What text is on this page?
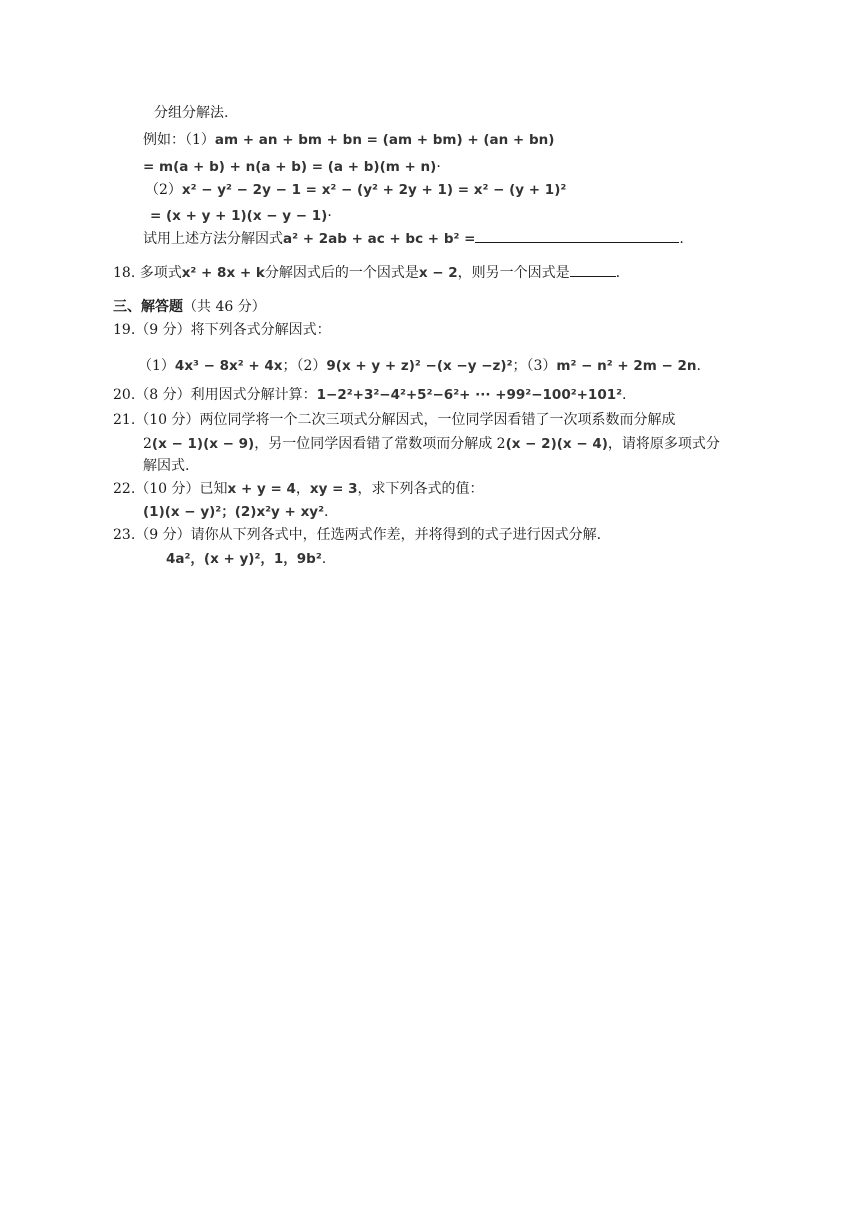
分组分解法.
例如：（1）am + an + bm + bn = (am + bm) + (an + bn)
= m(a + b) + n(a + b) = (a + b)(m + n)·
（2）x² − y² − 2y − 1 = x² − (y² + 2y + 1) = x² − (y + 1)²
= (x + y + 1)(x − y − 1)·
试用上述方法分解因式a² + 2ab + ac + bc + b² =	.
18. 多项式x² + 8x + k分解因式后的一个因式是x − 2，则另一个因式是	.
三、解答题（共 46 分）
19.（9 分）将下列各式分解因式：
（1）4x³ − 8x² + 4x；（2）9(x + y + z)² −(x −y −z)²；（3）m² − n² + 2m − 2n.
20.（8 分）利用因式分解计算：1−2²+3²−4²+5²−6²+ ··· +99²−100²+101².
21.（10 分）两位同学将一个二次三项式分解因式，一位同学因看错了一次项系数而分解成
2(x − 1)(x − 9)，另一位同学因看错了常数项而分解成 2(x − 2)(x − 4)，请将原多项式分
解因式.
22.（10 分）已知x + y = 4，xy = 3，求下列各式的值：
(1)(x − y)²；(2)x²y + xy².
23.（9 分）请你从下列各式中，任选两式作差，并将得到的式子进行因式分解.
4a²，(x + y)²，1，9b².
